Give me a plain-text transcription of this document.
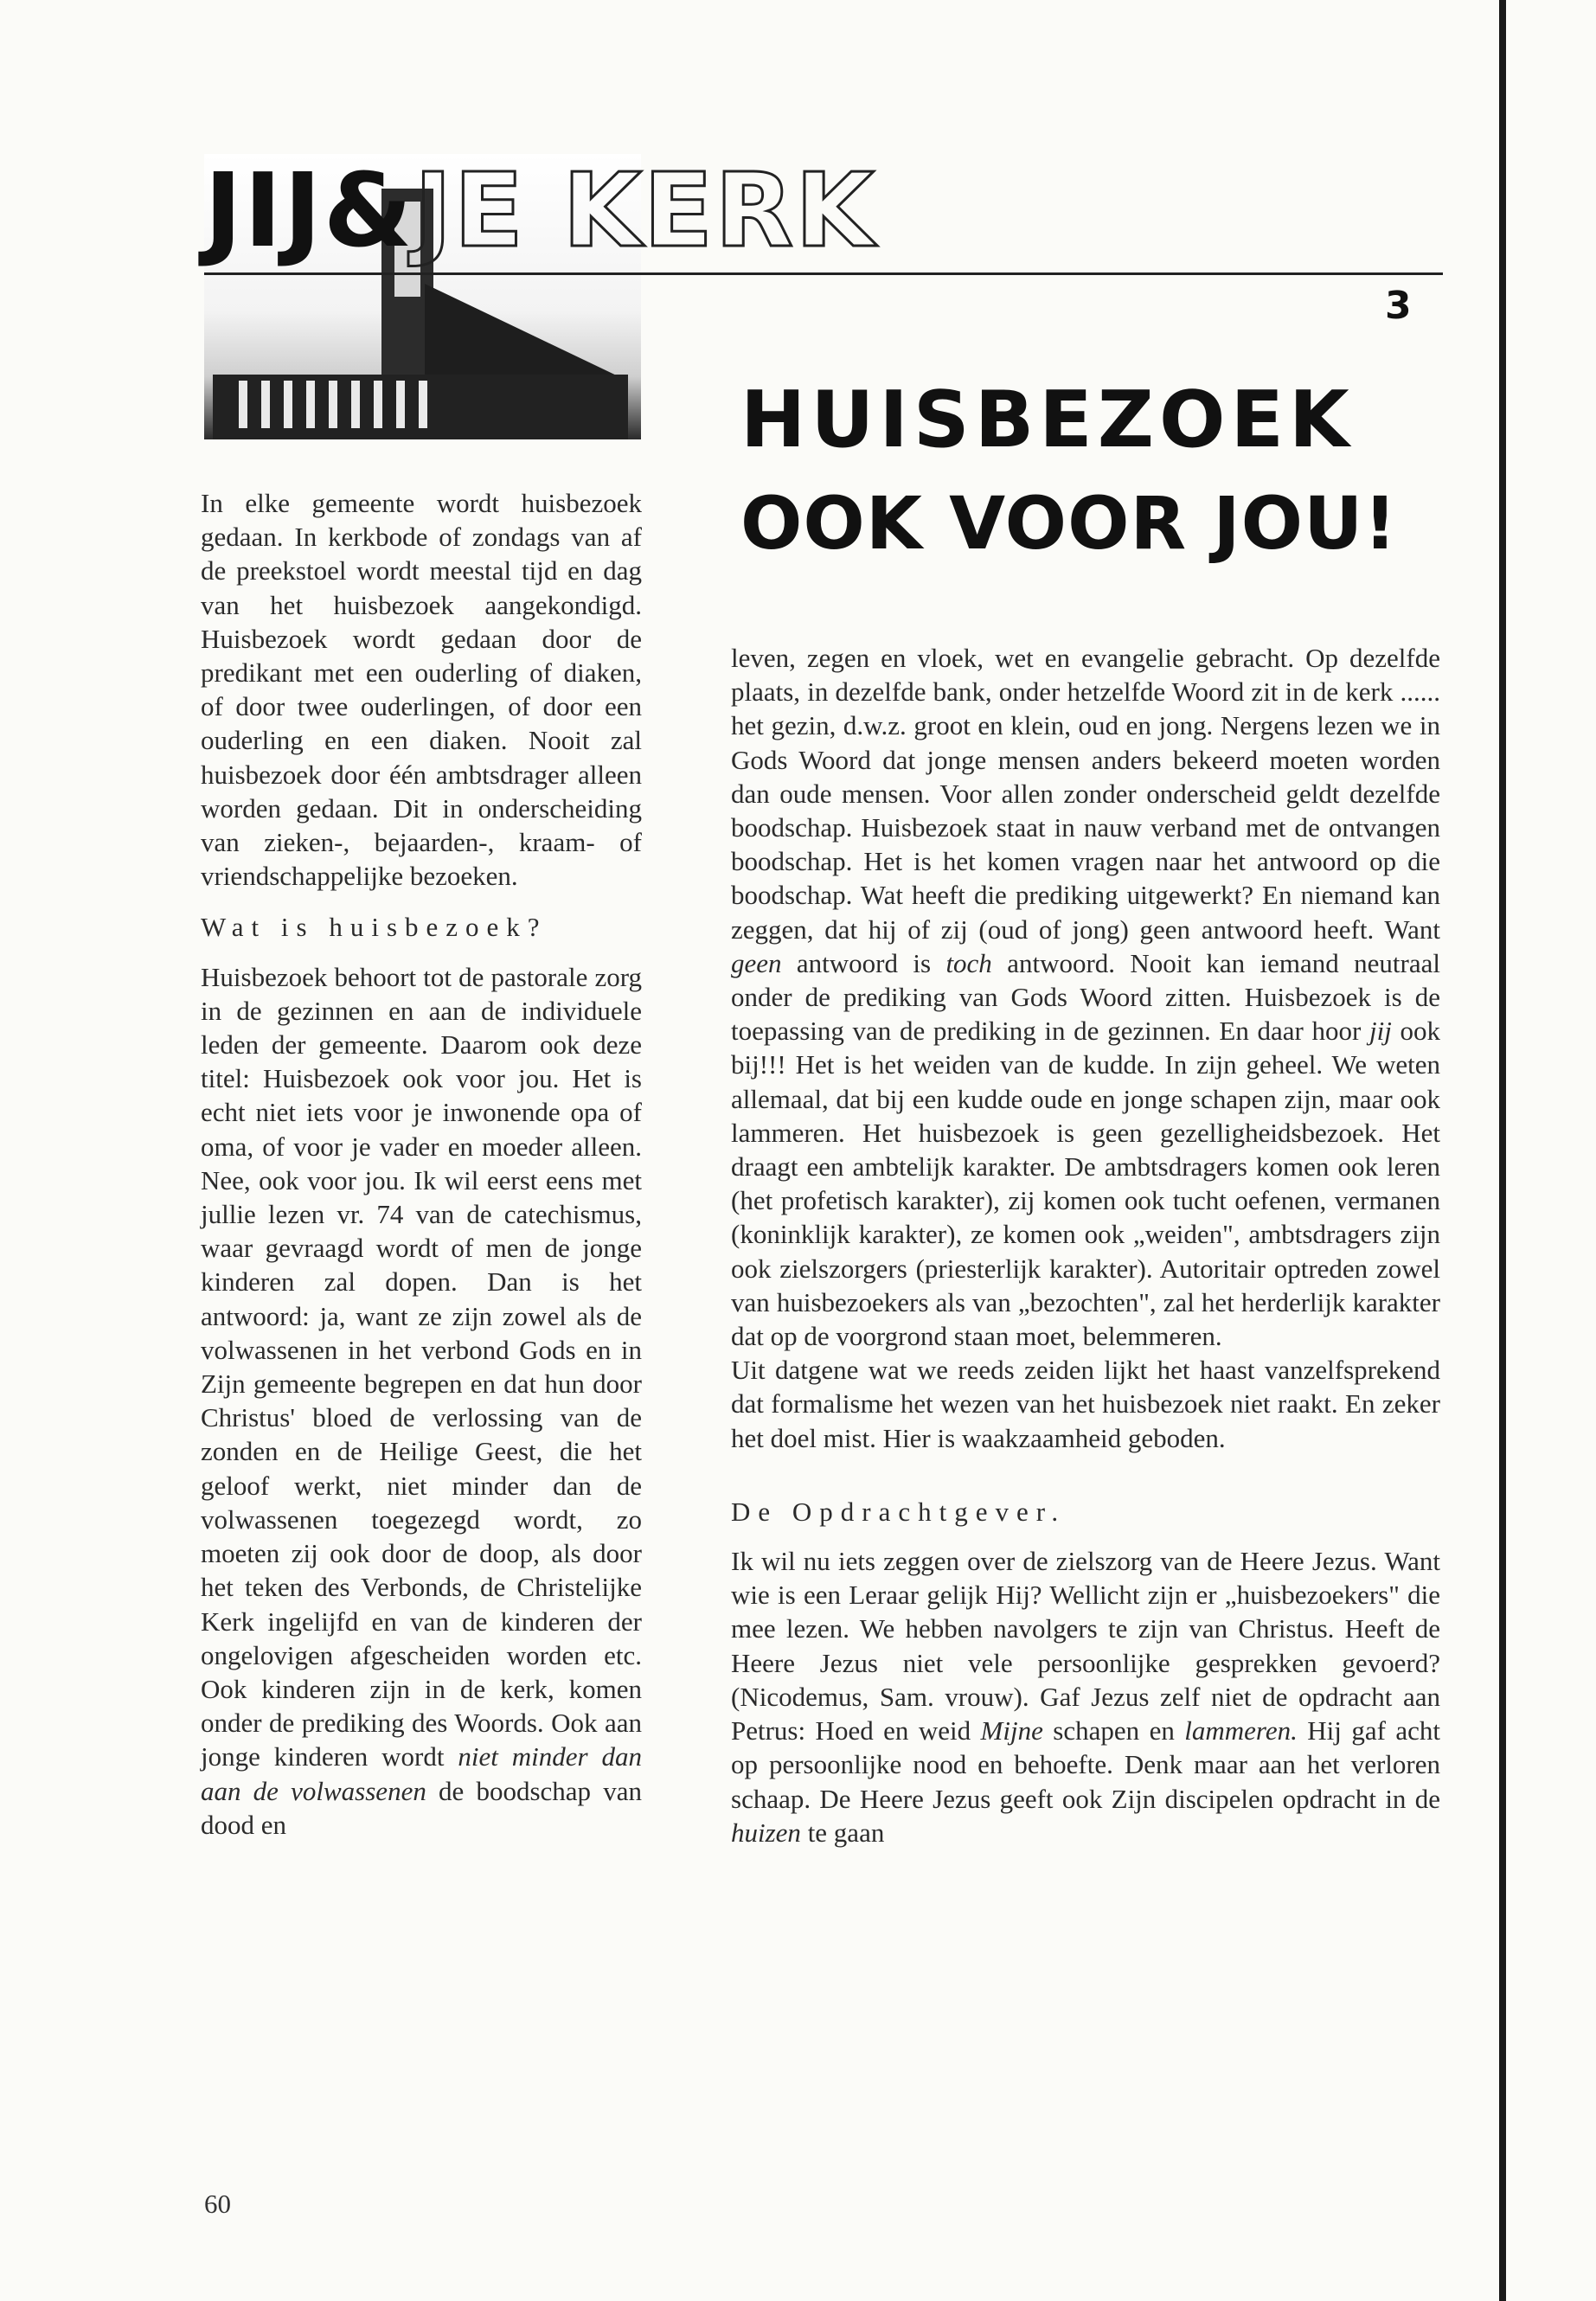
JIJ&JE KERK
3
HUISBEZOEK
OOK VOOR JOU!

In elke gemeente wordt huisbezoek gedaan. In kerkbode of zondags van af de preekstoel wordt meestal tijd en dag van het huisbezoek aangekondigd. Huisbezoek wordt gedaan door de predikant met een ouderling of diaken, of door twee ouderlingen, of door een ouderling en een diaken. Nooit zal huisbezoek door één ambtsdrager alleen worden gedaan. Dit in onderscheiding van zieken-, bejaarden-, kraam- of vriendschappelijke bezoeken.

Wat is huisbezoek?

Huisbezoek behoort tot de pastorale zorg in de gezinnen en aan de individuele leden der gemeente. Daarom ook deze titel: Huisbezoek ook voor jou. Het is echt niet iets voor je inwonende opa of oma, of voor je vader en moeder alleen. Nee, ook voor jou. Ik wil eerst eens met jullie lezen vr. 74 van de catechismus, waar gevraagd wordt of men de jonge kinderen zal dopen. Dan is het antwoord: ja, want ze zijn zowel als de volwassenen in het verbond Gods en in Zijn gemeente begrepen en dat hun door Christus' bloed de verlossing van de zonden en de Heilige Geest, die het geloof werkt, niet minder dan de volwassenen toegezegd wordt, zo moeten zij ook door de doop, als door het teken des Verbonds, de Christelijke Kerk ingelijfd en van de kinderen der ongelovigen afgescheiden worden etc. Ook kinderen zijn in de kerk, komen onder de prediking des Woords. Ook aan jonge kinderen wordt niet minder dan aan de volwassenen de boodschap van dood en

leven, zegen en vloek, wet en evangelie gebracht. Op dezelfde plaats, in dezelfde bank, onder hetzelfde Woord zit in de kerk ...... het gezin, d.w.z. groot en klein, oud en jong. Nergens lezen we in Gods Woord dat jonge mensen anders bekeerd moeten worden dan oude mensen. Voor allen zonder onderscheid geldt dezelfde boodschap. Huisbezoek staat in nauw verband met de ontvangen boodschap. Het is het komen vragen naar het antwoord op die boodschap. Wat heeft die prediking uitgewerkt? En niemand kan zeggen, dat hij of zij (oud of jong) geen antwoord heeft. Want geen antwoord is toch antwoord. Nooit kan iemand neutraal onder de prediking van Gods Woord zitten. Huisbezoek is de toepassing van de prediking in de gezinnen. En daar hoor jij ook bij!!! Het is het weiden van de kudde. In zijn geheel. We weten allemaal, dat bij een kudde oude en jonge schapen zijn, maar ook lammeren. Het huisbezoek is geen gezelligheidsbezoek. Het draagt een ambtelijk karakter. De ambtsdragers komen ook leren (het profetisch karakter), zij komen ook tucht oefenen, vermanen (koninklijk karakter), ze komen ook „weiden", ambtsdragers zijn ook zielszorgers (priesterlijk karakter). Autoritair optreden zowel van huisbezoekers als van „bezochten", zal het herderlijk karakter dat op de voorgrond staan moet, belemmeren.

Uit datgene wat we reeds zeiden lijkt het haast vanzelfsprekend dat formalisme het wezen van het huisbezoek niet raakt. En zeker het doel mist. Hier is waakzaamheid geboden.

De Opdrachtgever.

Ik wil nu iets zeggen over de zielszorg van de Heere Jezus. Want wie is een Leraar gelijk Hij? Wellicht zijn er „huisbezoekers" die mee lezen. We hebben navolgers te zijn van Christus. Heeft de Heere Jezus niet vele persoonlijke gesprekken gevoerd? (Nicodemus, Sam. vrouw). Gaf Jezus zelf niet de opdracht aan Petrus: Hoed en weid Mijne schapen en lammeren. Hij gaf acht op persoonlijke nood en behoefte. Denk maar aan het verloren schaap. De Heere Jezus geeft ook Zijn discipelen opdracht in de huizen te gaan

60
